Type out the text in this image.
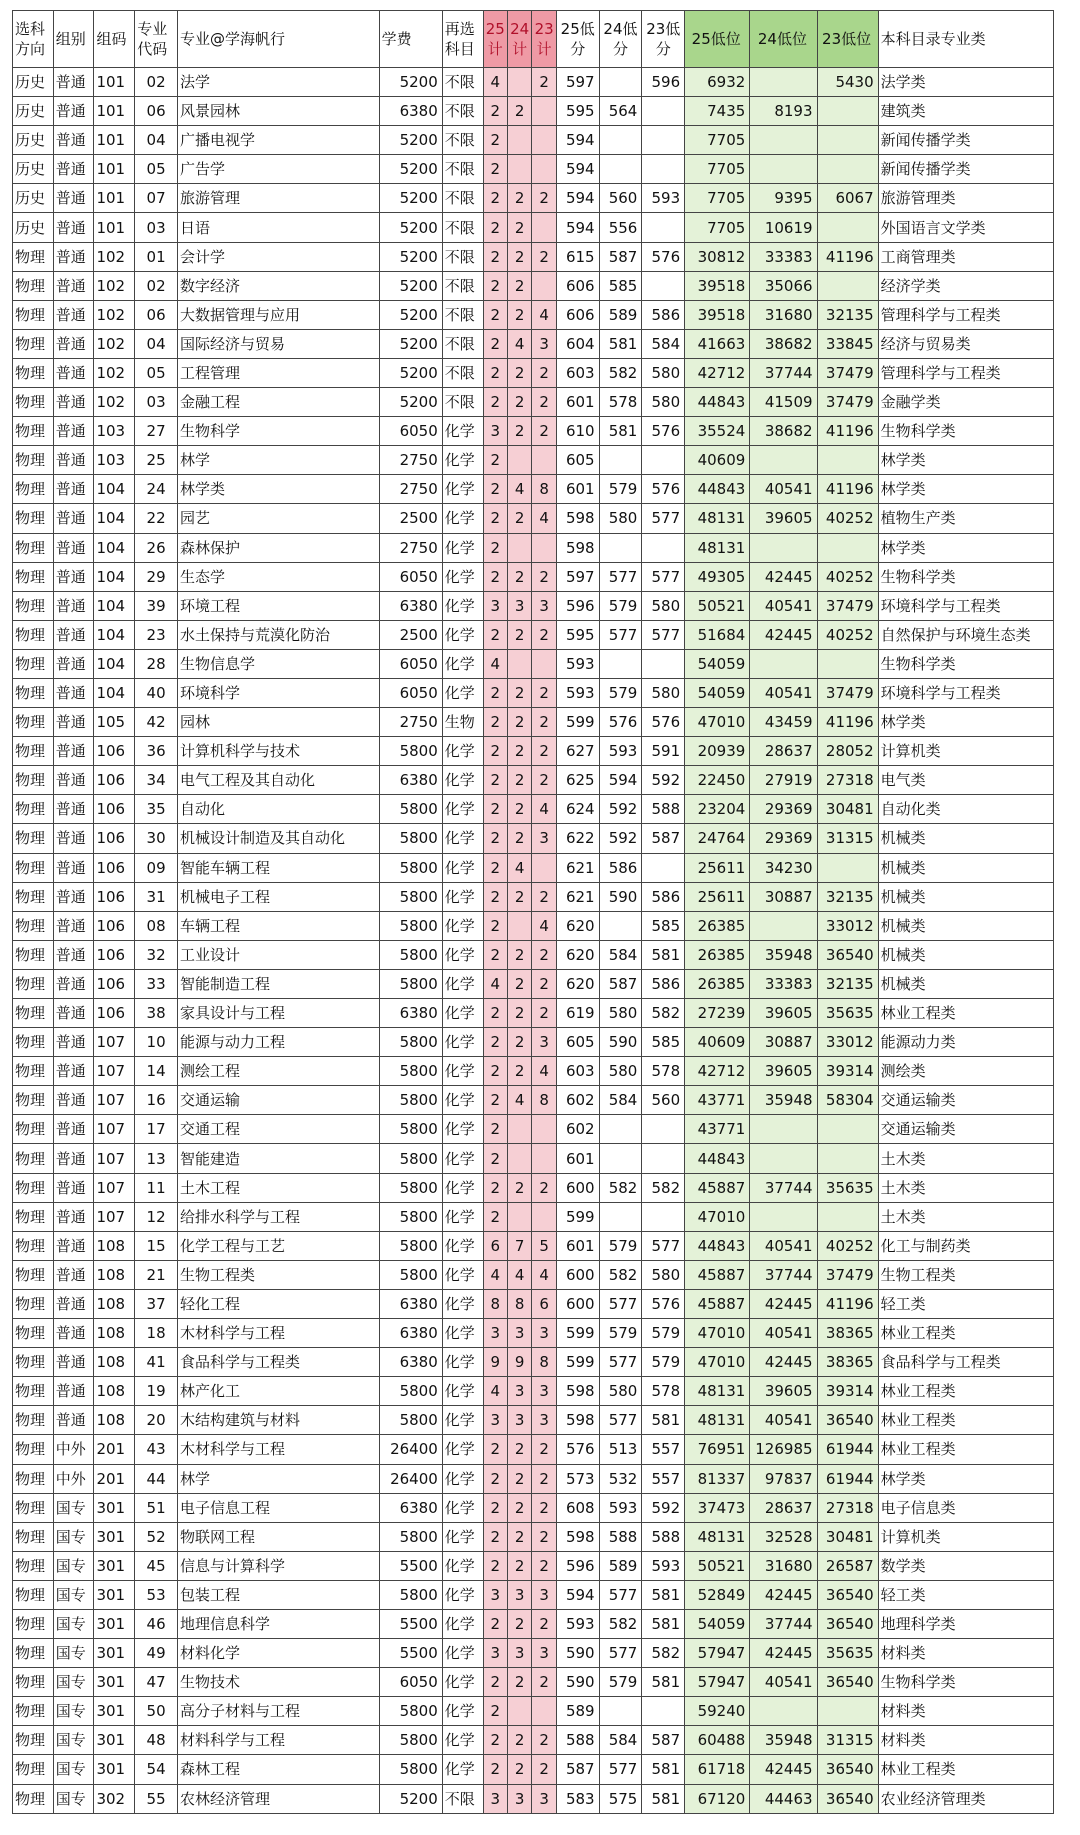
选科方向	组别	组码	专业代码	专业@学海帆行	学费	再选科目	25计	24计	23计	25低分	24低分	23低分	25低位	24低位	23低位	本科目录专业类
历史	普通	101	02	法学	5200	不限	4		2	597		596	6932		5430	法学类
历史	普通	101	06	风景园林	6380	不限	2	2		595	564		7435	8193		建筑类
历史	普通	101	04	广播电视学	5200	不限	2			594			7705			新闻传播学类
历史	普通	101	05	广告学	5200	不限	2			594			7705			新闻传播学类
历史	普通	101	07	旅游管理	5200	不限	2	2	2	594	560	593	7705	9395	6067	旅游管理类
历史	普通	101	03	日语	5200	不限	2	2		594	556		7705	10619		外国语言文学类
物理	普通	102	01	会计学	5200	不限	2	2	2	615	587	576	30812	33383	41196	工商管理类
物理	普通	102	02	数字经济	5200	不限	2	2		606	585		39518	35066		经济学类
物理	普通	102	06	大数据管理与应用	5200	不限	2	2	4	606	589	586	39518	31680	32135	管理科学与工程类
物理	普通	102	04	国际经济与贸易	5200	不限	2	4	3	604	581	584	41663	38682	33845	经济与贸易类
物理	普通	102	05	工程管理	5200	不限	2	2	2	603	582	580	42712	37744	37479	管理科学与工程类
物理	普通	102	03	金融工程	5200	不限	2	2	2	601	578	580	44843	41509	37479	金融学类
物理	普通	103	27	生物科学	6050	化学	3	2	2	610	581	576	35524	38682	41196	生物科学类
物理	普通	103	25	林学	2750	化学	2			605			40609			林学类
物理	普通	104	24	林学类	2750	化学	2	4	8	601	579	576	44843	40541	41196	林学类
物理	普通	104	22	园艺	2500	化学	2	2	4	598	580	577	48131	39605	40252	植物生产类
物理	普通	104	26	森林保护	2750	化学	2			598			48131			林学类
物理	普通	104	29	生态学	6050	化学	2	2	2	597	577	577	49305	42445	40252	生物科学类
物理	普通	104	39	环境工程	6380	化学	3	3	3	596	579	580	50521	40541	37479	环境科学与工程类
物理	普通	104	23	水土保持与荒漠化防治	2500	化学	2	2	2	595	577	577	51684	42445	40252	自然保护与环境生态类
物理	普通	104	28	生物信息学	6050	化学	4			593			54059			生物科学类
物理	普通	104	40	环境科学	6050	化学	2	2	2	593	579	580	54059	40541	37479	环境科学与工程类
物理	普通	105	42	园林	2750	生物	2	2	2	599	576	576	47010	43459	41196	林学类
物理	普通	106	36	计算机科学与技术	5800	化学	2	2	2	627	593	591	20939	28637	28052	计算机类
物理	普通	106	34	电气工程及其自动化	6380	化学	2	2	2	625	594	592	22450	27919	27318	电气类
物理	普通	106	35	自动化	5800	化学	2	2	4	624	592	588	23204	29369	30481	自动化类
物理	普通	106	30	机械设计制造及其自动化	5800	化学	2	2	3	622	592	587	24764	29369	31315	机械类
物理	普通	106	09	智能车辆工程	5800	化学	2	4		621	586		25611	34230		机械类
物理	普通	106	31	机械电子工程	5800	化学	2	2	2	621	590	586	25611	30887	32135	机械类
物理	普通	106	08	车辆工程	5800	化学	2		4	620		585	26385		33012	机械类
物理	普通	106	32	工业设计	5800	化学	2	2	2	620	584	581	26385	35948	36540	机械类
物理	普通	106	33	智能制造工程	5800	化学	4	2	2	620	587	586	26385	33383	32135	机械类
物理	普通	106	38	家具设计与工程	6380	化学	2	2	2	619	580	582	27239	39605	35635	林业工程类
物理	普通	107	10	能源与动力工程	5800	化学	2	2	3	605	590	585	40609	30887	33012	能源动力类
物理	普通	107	14	测绘工程	5800	化学	2	2	4	603	580	578	42712	39605	39314	测绘类
物理	普通	107	16	交通运输	5800	化学	2	4	8	602	584	560	43771	35948	58304	交通运输类
物理	普通	107	17	交通工程	5800	化学	2			602			43771			交通运输类
物理	普通	107	13	智能建造	5800	化学	2			601			44843			土木类
物理	普通	107	11	土木工程	5800	化学	2	2	2	600	582	582	45887	37744	35635	土木类
物理	普通	107	12	给排水科学与工程	5800	化学	2			599			47010			土木类
物理	普通	108	15	化学工程与工艺	5800	化学	6	7	5	601	579	577	44843	40541	40252	化工与制药类
物理	普通	108	21	生物工程类	5800	化学	4	4	4	600	582	580	45887	37744	37479	生物工程类
物理	普通	108	37	轻化工程	6380	化学	8	8	6	600	577	576	45887	42445	41196	轻工类
物理	普通	108	18	木材科学与工程	6380	化学	3	3	3	599	579	579	47010	40541	38365	林业工程类
物理	普通	108	41	食品科学与工程类	6380	化学	9	9	8	599	577	579	47010	42445	38365	食品科学与工程类
物理	普通	108	19	林产化工	5800	化学	4	3	3	598	580	578	48131	39605	39314	林业工程类
物理	普通	108	20	木结构建筑与材料	5800	化学	3	3	3	598	577	581	48131	40541	36540	林业工程类
物理	中外	201	43	木材科学与工程	26400	化学	2	2	2	576	513	557	76951	126985	61944	林业工程类
物理	中外	201	44	林学	26400	化学	2	2	2	573	532	557	81337	97837	61944	林学类
物理	国专	301	51	电子信息工程	6380	化学	2	2	2	608	593	592	37473	28637	27318	电子信息类
物理	国专	301	52	物联网工程	5800	化学	2	2	2	598	588	588	48131	32528	30481	计算机类
物理	国专	301	45	信息与计算科学	5500	化学	2	2	2	596	589	593	50521	31680	26587	数学类
物理	国专	301	53	包装工程	5800	化学	3	3	3	594	577	581	52849	42445	36540	轻工类
物理	国专	301	46	地理信息科学	5500	化学	2	2	2	593	582	581	54059	37744	36540	地理科学类
物理	国专	301	49	材料化学	5500	化学	3	3	3	590	577	582	57947	42445	35635	材料类
物理	国专	301	47	生物技术	6050	化学	2	2	2	590	579	581	57947	40541	36540	生物科学类
物理	国专	301	50	高分子材料与工程	5800	化学	2			589			59240			材料类
物理	国专	301	48	材料科学与工程	5800	化学	2	2	2	588	584	587	60488	35948	31315	材料类
物理	国专	301	54	森林工程	5800	化学	2	2	2	587	577	581	61718	42445	36540	林业工程类
物理	国专	302	55	农林经济管理	5200	不限	3	3	3	583	575	581	67120	44463	36540	农业经济管理类
